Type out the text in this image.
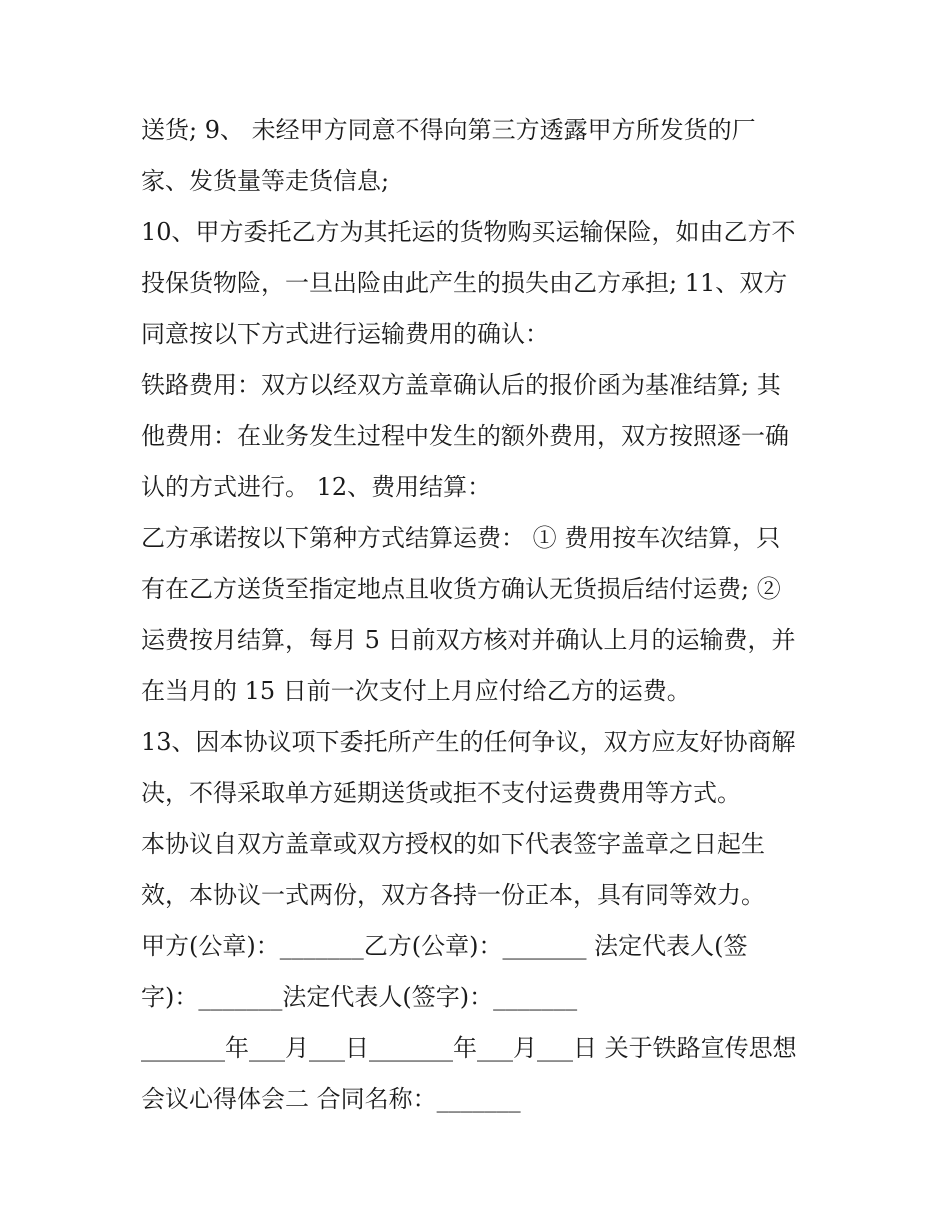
送货; 9、 未经甲方同意不得向第三方透露甲方所发货的厂
家、发货量等走货信息;
10、甲方委托乙方为其托运的货物购买运输保险，如由乙方不
投保货物险，一旦出险由此产生的损失由乙方承担; 11、双方
同意按以下方式进行运输费用的确认：
铁路费用：双方以经双方盖章确认后的报价函为基准结算; 其
他费用：在业务发生过程中发生的额外费用，双方按照逐一确
认的方式进行。 12、费用结算：
乙方承诺按以下第种方式结算运费： ① 费用按车次结算，只
有在乙方送货至指定地点且收货方确认无货损后结付运费; ②
运费按月结算，每月 5 日前双方核对并确认上月的运输费，并
在当月的 15 日前一次支付上月应付给乙方的运费。
13、因本协议项下委托所产生的任何争议，双方应友好协商解
决，不得采取单方延期送货或拒不支付运费费用等方式。
本协议自双方盖章或双方授权的如下代表签字盖章之日起生
效，本协议一式两份，双方各持一份正本，具有同等效力。
甲方(公章)：_______乙方(公章)：_______ 法定代表人(签
字)：_______法定代表人(签字)：_______
_______年___月___日_______年___月___日 关于铁路宣传思想
会议心得体会二 合同名称：_______
